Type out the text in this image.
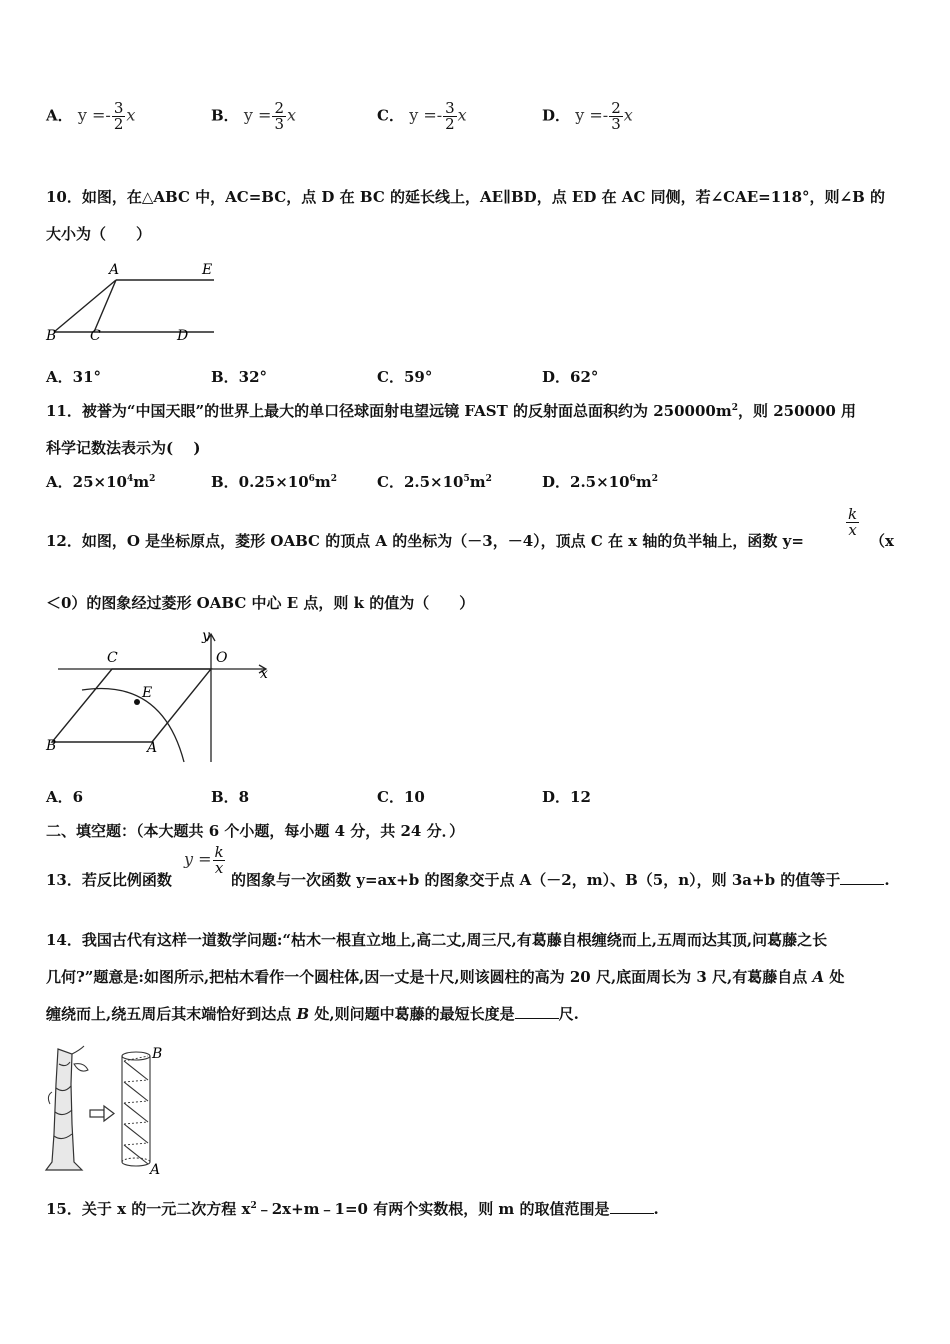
A． $y =- \frac{3}{2}$ x	B． $y = \frac{2}{3}$ x	C． $y =- \frac{3}{2}$ x	D． $y =- \frac{2}{3}$ x
10．如图，在△ABC 中，AC=BC，点 D 在 BC 的延长线上，AE∥BD，点 ED 在 AC 同侧，若∠CAE=118°，则∠B 的
大小为（　　）
A	E
B C	D
A．31°	B．32°	C．59°	D．62°
11．被誉为“中国天眼”的世界上最大的单口径球面射电望远镜 FAST 的反射面总面积约为 $250000m^2$，则 250000 用
科学记数法表示为(　 )
A．$25\times 10^4m^2$	B．$0.25\times 10^6m^2$	C．$2.5\times 10^5m^2$	D．$2.5\times 10^6m^2$
12．如图，O 是坐标原点，菱形 OABC 的顶点 A 的坐标为（－3，－4），顶点 C 在 x 轴的负半轴上，函数 y=
$\frac{k}{x}$
（x
＜0）的图象经过菱形 OABC 中心 E 点，则 k 的值为（　　）
y
O
x
C
E
B	A
A．6	B．8	C．10	D．12
二、填空题：（本大题共 6 个小题，每小题 4 分，共 24 分．）
13．若反比例函数
$y = \frac{k}{x}$
的图象与一次函数 y=ax+b 的图象交于点 A（－2，m）、B（5，n），则 3a+b 的值等于	.
14．我国古代有这样一道数学问题:“枯木一根直立地上,高二丈,周三尺,有葛藤自根缠绕而上,五周而达其顶,问葛藤之长
几何?”题意是:如图所示,把枯木看作一个圆柱体,因一丈是十尺,则该圆柱的高为 20 尺,底面周长为 3 尺,有葛藤自点 A 处
缠绕而上,绕五周后其末端恰好到达点 B 处,则问题中葛藤的最短长度是	尺.
B
A
15．关于 x 的一元二次方程 $x^2﹣2x+m﹣1=0$ 有两个实数根，则 m 的取值范围是	.
